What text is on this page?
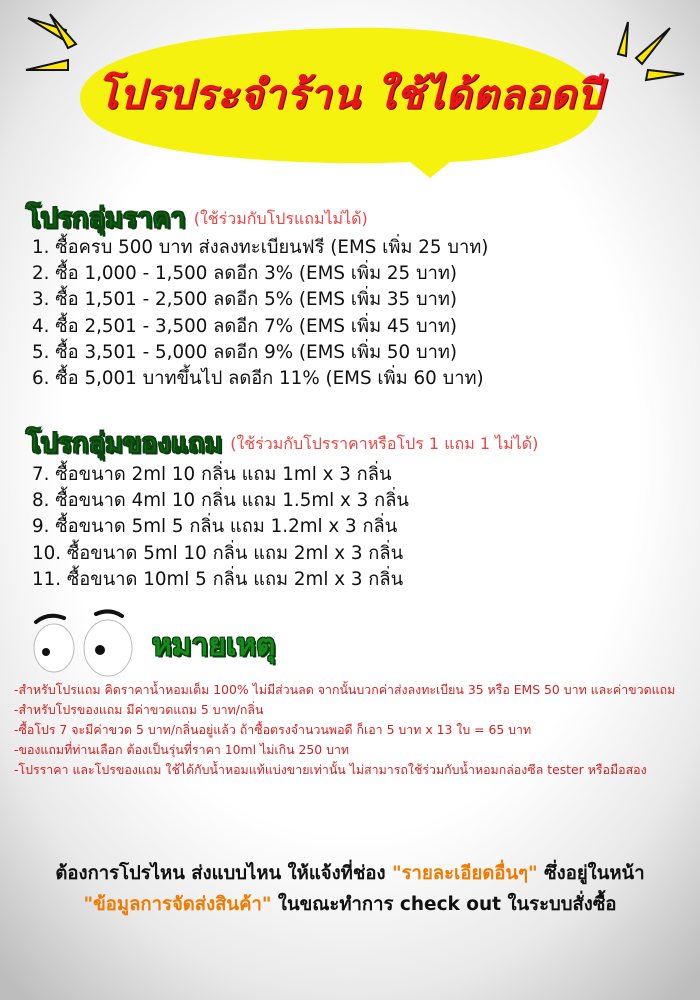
โปรประจำร้าน ใช้ได้ตลอดปี
โปรกลุ่มราคา (ใช้ร่วมกับโปรแถมไม่ได้)
1. ซื้อครบ 500 บาท ส่งลงทะเบียนฟรี (EMS เพิ่ม 25 บาท)
2. ซื้อ 1,000 - 1,500 ลดอีก 3% (EMS เพิ่ม 25 บาท)
3. ซื้อ 1,501 - 2,500 ลดอีก 5% (EMS เพิ่ม 35 บาท)
4. ซื้อ 2,501 - 3,500 ลดอีก 7% (EMS เพิ่ม 45 บาท)
5. ซื้อ 3,501 - 5,000 ลดอีก 9% (EMS เพิ่ม 50 บาท)
6. ซื้อ 5,001 บาทขึ้นไป ลดอีก 11% (EMS เพิ่ม 60 บาท)
โปรกลุ่มของแถม (ใช้ร่วมกับโปรราคาหรือโปร 1 แถม 1 ไม่ได้)
7. ซื้อขนาด 2ml 10 กลิ่น แถม 1ml x 3 กลิ่น
8. ซื้อขนาด 4ml 10 กลิ่น แถม 1.5ml x 3 กลิ่น
9. ซื้อขนาด 5ml 5 กลิ่น แถม 1.2ml x 3 กลิ่น
10. ซื้อขนาด 5ml 10 กลิ่น แถม 2ml x 3 กลิ่น
11. ซื้อขนาด 10ml 5 กลิ่น แถม 2ml x 3 กลิ่น
หมายเหตุ
-สำหรับโปรแถม คิดราคาน้ำหอมเต็ม 100% ไม่มีส่วนลด จากนั้นบวกค่าส่งลงทะเบียน 35 หรือ EMS 50 บาท และค่าขวดแถม
-สำหรับโปรของแถม มีค่าขวดแถม 5 บาท/กลิ่น
-ซื้อโปร 7 จะมีค่าขวด 5 บาท/กลิ่นอยู่แล้ว ถ้าซื้อตรงจำนวนพอดี ก็เอา 5 บาท x 13 ใบ = 65 บาท
-ของแถมที่ท่านเลือก ต้องเป็นรุ่นที่ราคา 10ml ไม่เกิน 250 บาท
-โปรราคา และโปรของแถม ใช้ได้กับน้ำหอมแท้แบ่งขายเท่านั้น ไม่สามารถใช้ร่วมกับน้ำหอมกล่องซีล tester หรือมือสอง

ต้องการโปรไหน ส่งแบบไหน ให้แจ้งที่ช่อง "รายละเอียดอื่นๆ" ซึ่งอยู่ในหน้า

"ข้อมูลการจัดส่งสินค้า" ในขณะทำการ check out ในระบบสั่งซื้อ
